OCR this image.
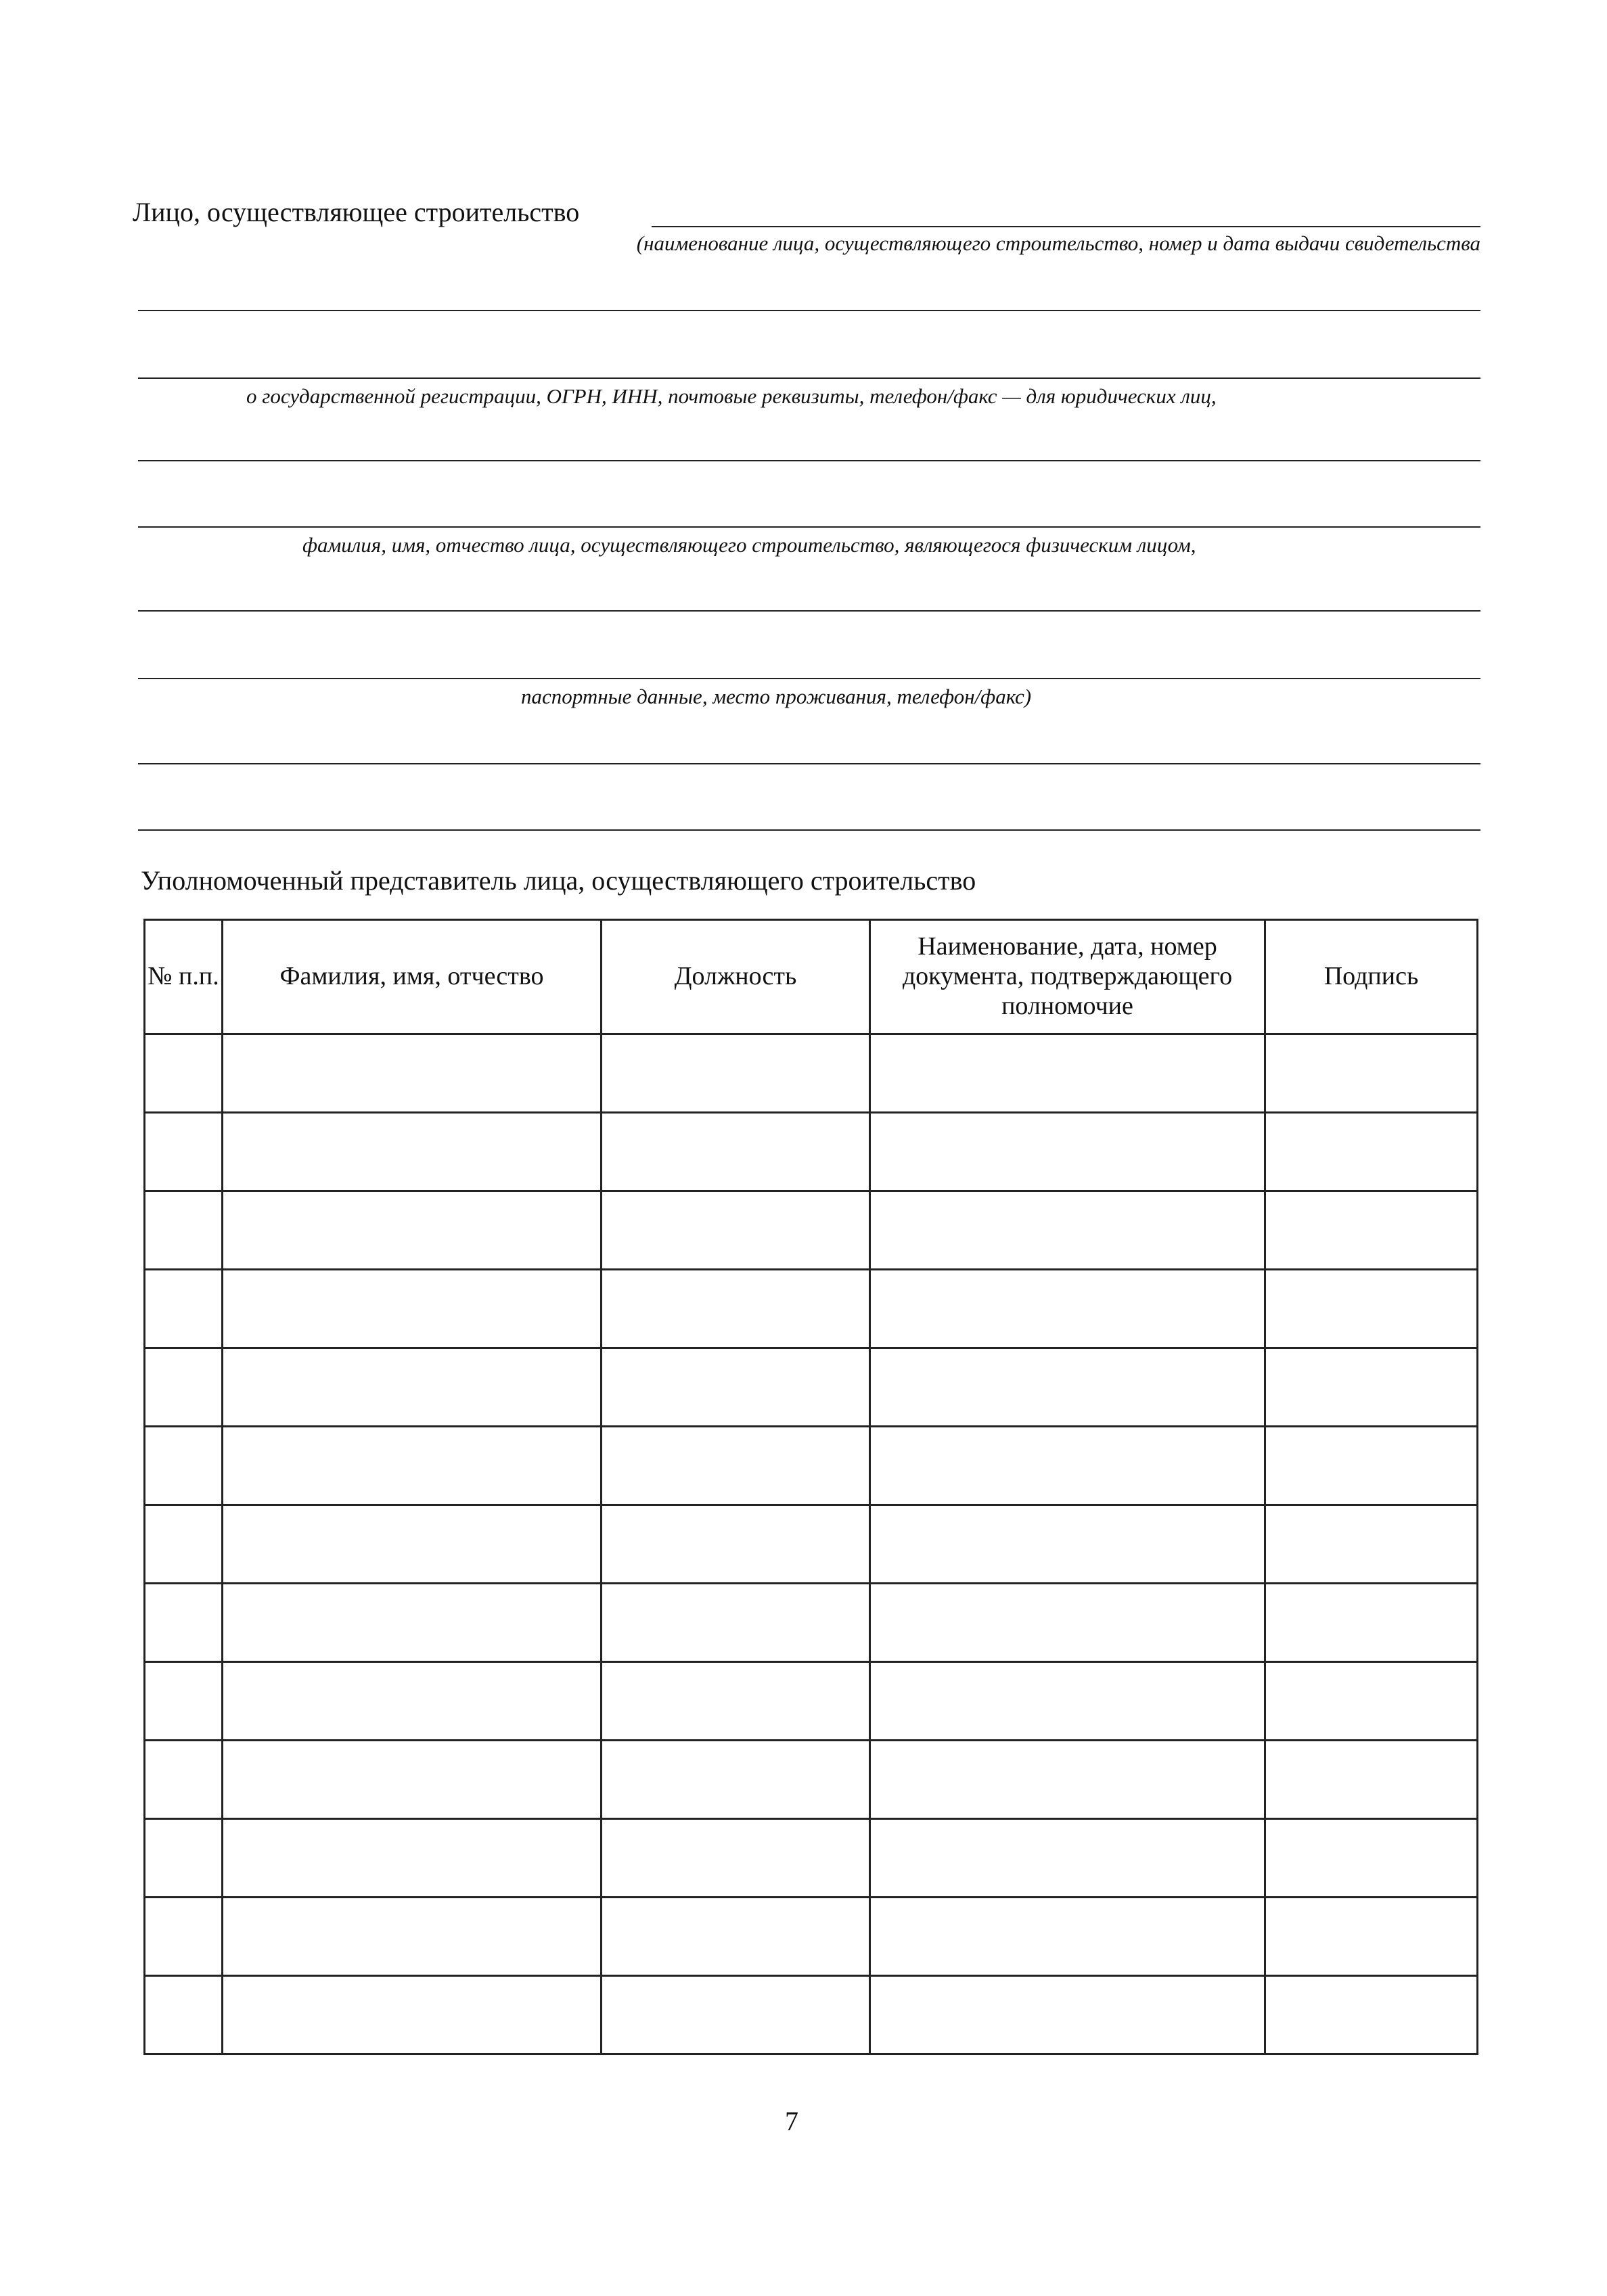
Лицо, осуществляющее строительство
(наименование лица, осуществляющего строительство, номер и дата выдачи свидетельства
о государственной регистрации, ОГРН, ИНН, почтовые реквизиты, телефон/факс — для юридических лиц,
фамилия, имя, отчество лица, осуществляющего строительство, являющегося физическим лицом,
паспортные данные, место проживания, телефон/факс)
Уполномоченный представитель лица, осуществляющего строительство
№ п.п.	Фамилия, имя, отчество	Должность	Наименование, дата, номер документа, подтверждающего полномочие	Подпись

7
